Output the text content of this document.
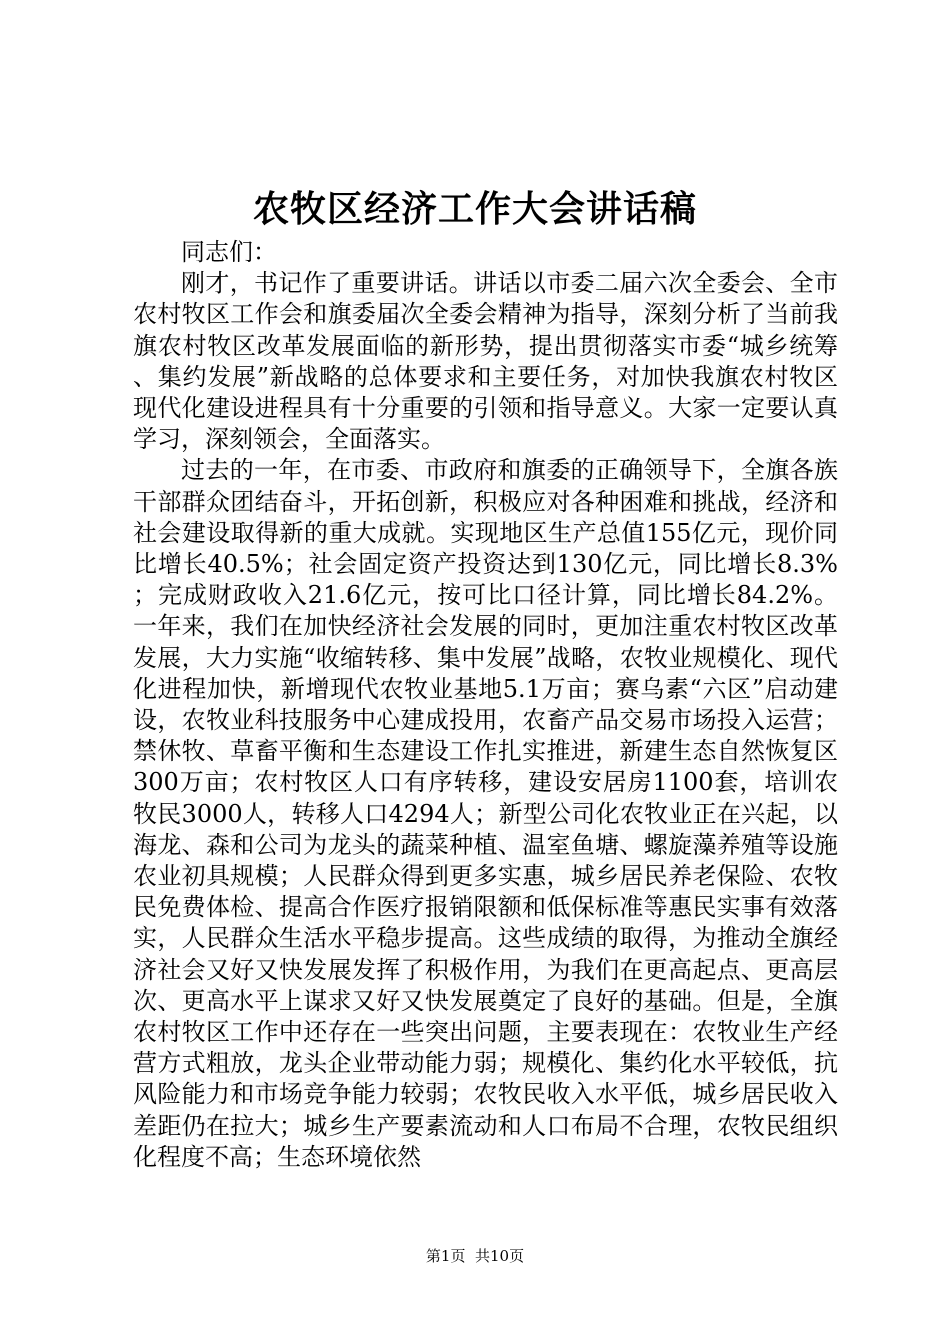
农牧区经济工作大会讲话稿

同志们：

刚才，书记作了重要讲话。讲话以市委二届六次全委会、全市农村牧区工作会和旗委届次全委会精神为指导，深刻分析了当前我旗农村牧区改革发展面临的新形势，提出贯彻落实市委“城乡统筹、集约发展”新战略的总体要求和主要任务，对加快我旗农村牧区现代化建设进程具有十分重要的引领和指导意义。大家一定要认真学习，深刻领会，全面落实。

过去的一年，在市委、市政府和旗委的正确领导下，全旗各族干部群众团结奋斗，开拓创新，积极应对各种困难和挑战，经济和社会建设取得新的重大成就。实现地区生产总值155亿元，现价同比增长40.5%；社会固定资产投资达到130亿元，同比增长8.3%；完成财政收入21.6亿元，按可比口径计算，同比增长84.2%。一年来，我们在加快经济社会发展的同时，更加注重农村牧区改革发展，大力实施“收缩转移、集中发展”战略，农牧业规模化、现代化进程加快，新增现代农牧业基地5.1万亩；赛乌素“六区”启动建设，农牧业科技服务中心建成投用，农畜产品交易市场投入运营；禁休牧、草畜平衡和生态建设工作扎实推进，新建生态自然恢复区300万亩；农村牧区人口有序转移，建设安居房1100套，培训农牧民3000人，转移人口4294人；新型公司化农牧业正在兴起，以海龙、森和公司为龙头的蔬菜种植、温室鱼塘、螺旋藻养殖等设施农业初具规模；人民群众得到更多实惠，城乡居民养老保险、农牧民免费体检、提高合作医疗报销限额和低保标准等惠民实事有效落实，人民群众生活水平稳步提高。这些成绩的取得，为推动全旗经济社会又好又快发展发挥了积极作用，为我们在更高起点、更高层次、更高水平上谋求又好又快发展奠定了良好的基础。但是，全旗农村牧区工作中还存在一些突出问题，主要表现在：农牧业生产经营方式粗放，龙头企业带动能力弱；规模化、集约化水平较低，抗风险能力和市场竞争能力较弱；农牧民收入水平低，城乡居民收入差距仍在拉大；城乡生产要素流动和人口布局不合理，农牧民组织化程度不高；生态环境依然

第1页  共10页
